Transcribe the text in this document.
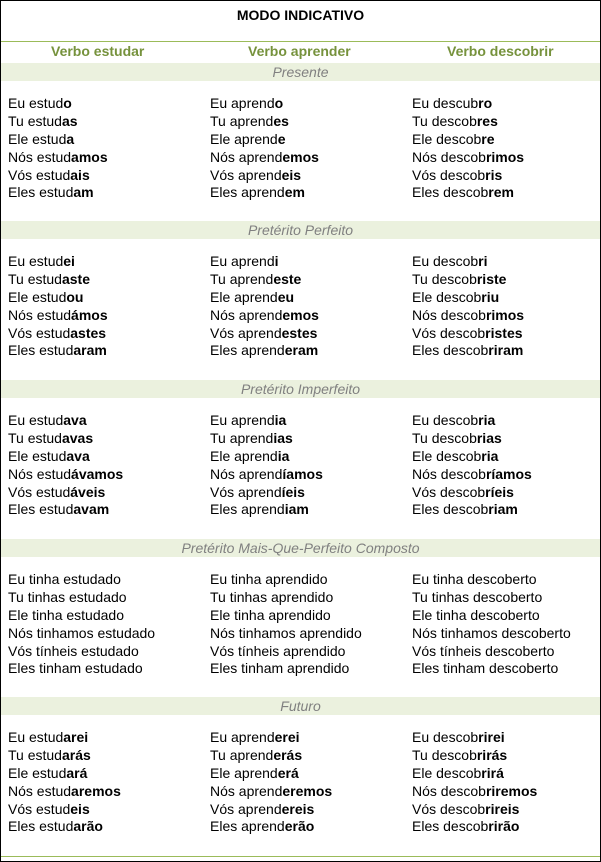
MODO INDICATIVO
Verbo estudar	Verbo aprender	Verbo descobrir
Presente
Eu estudo
Tu estudas
Ele estuda
Nós estudamos
Vós estudais
Eles estudam
Eu aprendo
Tu aprendes
Ele aprende
Nós aprendemos
Vós aprendeis
Eles aprendem
Eu descubro
Tu descobres
Ele descobre
Nós descobrimos
Vós descobris
Eles descobrem
Pretérito Perfeito
Eu estudei
Tu estudaste
Ele estudou
Nós estudámos
Vós estudastes
Eles estudaram
Eu aprendi
Tu aprendeste
Ele aprendeu
Nós aprendemos
Vós aprendestes
Eles aprenderam
Eu descobri
Tu descobriste
Ele descobriu
Nós descobrimos
Vós descobristes
Eles descobriram
Pretérito Imperfeito
Eu estudava
Tu estudavas
Ele estudava
Nós estudávamos
Vós estudáveis
Eles estudavam
Eu aprendia
Tu aprendias
Ele aprendia
Nós aprendíamos
Vós aprendíeis
Eles aprendiam
Eu descobria
Tu descobrias
Ele descobria
Nós descobríamos
Vós descobríeis
Eles descobriam
Pretérito Mais-Que-Perfeito Composto
Eu tinha estudado
Tu tinhas estudado
Ele tinha estudado
Nós tinhamos estudado
Vós tínheis estudado
Eles tinham estudado
Eu tinha aprendido
Tu tinhas aprendido
Ele tinha aprendido
Nós tinhamos aprendido
Vós tínheis aprendido
Eles tinham aprendido
Eu tinha descoberto
Tu tinhas descoberto
Ele tinha descoberto
Nós tinhamos descoberto
Vós tínheis descoberto
Eles tinham descoberto
Futuro
Eu estudarei
Tu estudarás
Ele estudará
Nós estudaremos
Vós estudeis
Eles estudarão
Eu aprenderei
Tu aprenderás
Ele aprenderá
Nós aprenderemos
Vós aprendereis
Eles aprenderão
Eu descobrirei
Tu descobrirás
Ele descobrirá
Nós descobriremos
Vós descobrireis
Eles descobrirão
